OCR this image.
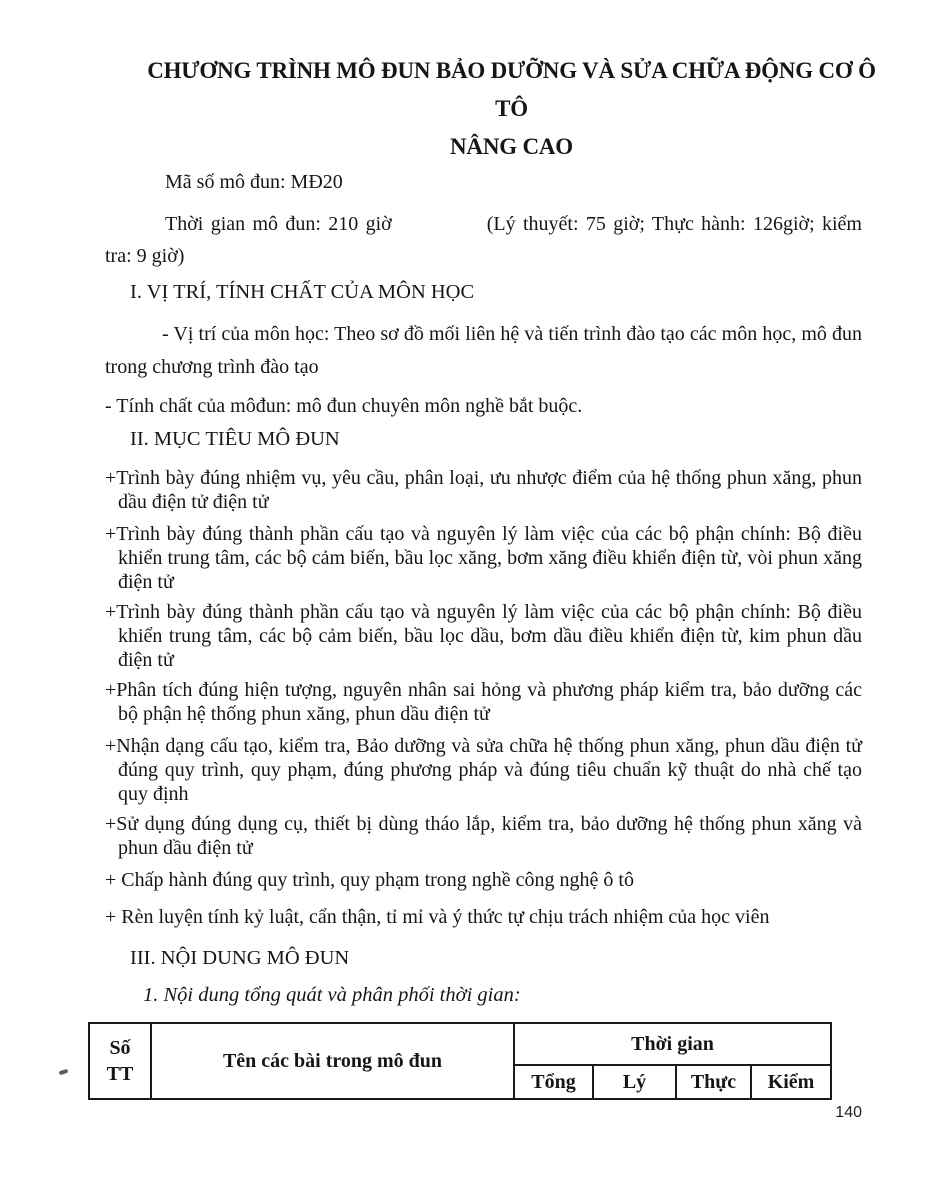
CHƯƠNG TRÌNH MÔ ĐUN BẢO DƯỠNG VÀ SỬA CHỮA ĐỘNG CƠ Ô TÔ
NÂNG CAO

Mã số mô đun: MĐ20

Thời gian mô đun: 210 giờ	(Lý thuyết: 75 giờ; Thực hành: 126giờ; kiểm tra: 9 giờ)

I. VỊ TRÍ, TÍNH CHẤT CỦA MÔN HỌC

- Vị trí của môn học: Theo sơ đồ mối liên hệ và tiến trình đào tạo các môn học, mô đun trong chương trình đào tạo

- Tính chất của môđun: mô đun chuyên môn nghề bắt buộc.

II. MỤC TIÊU MÔ ĐUN

+Trình bày đúng nhiệm vụ, yêu cầu, phân loại, ưu nhược điểm của hệ thống phun xăng, phun dầu điện tử điện tử

+Trình bày đúng thành phần cấu tạo và nguyên lý làm việc của các bộ phận chính: Bộ điều khiển trung tâm, các bộ cảm biến, bầu lọc xăng, bơm xăng điều khiển điện từ, vòi phun xăng điện tử

+Trình bày đúng thành phần cấu tạo và nguyên lý làm việc của các bộ phận chính: Bộ điều khiển trung tâm, các bộ cảm biến, bầu lọc dầu, bơm dầu điều khiển điện từ, kim phun dầu điện tử

+Phân tích đúng hiện tượng, nguyên nhân sai hỏng và phương pháp kiểm tra, bảo dưỡng các bộ phận hệ thống phun xăng, phun dầu điện tử

+Nhận dạng cấu tạo, kiểm tra, Bảo dưỡng và sửa chữa hệ thống phun xăng, phun dầu điện tử đúng quy trình, quy phạm, đúng phương pháp và đúng tiêu chuẩn kỹ thuật do nhà chế tạo quy định

+Sử dụng đúng dụng cụ, thiết bị dùng tháo lắp, kiểm tra, bảo dưỡng hệ thống phun xăng và phun dầu điện tử

+ Chấp hành đúng quy trình, quy phạm trong nghề công nghệ ô tô

+ Rèn luyện tính kỷ luật, cẩn thận, tỉ mỉ và ý thức tự chịu trách nhiệm của học viên

III. NỘI DUNG MÔ ĐUN

1. Nội dung tổng quát và phân phối thời gian:

Số
TT	Tên các bài trong mô đun	Thời gian			
		Tổng	Lý	Thực	Kiểm
140
